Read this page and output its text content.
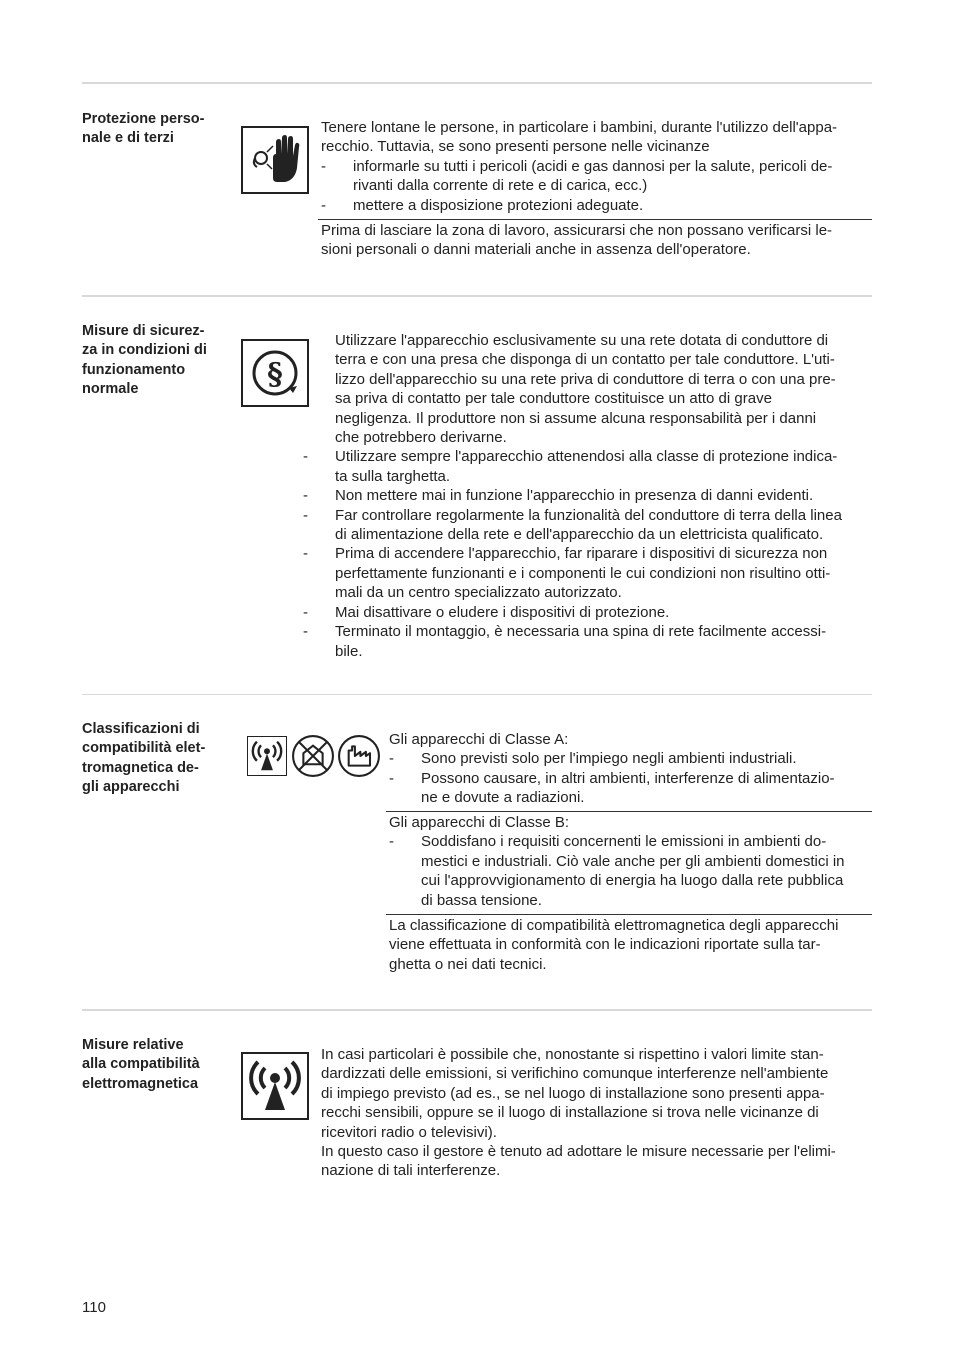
Protezione perso-
nale e di terzi
Tenere lontane le persone, in particolare i bambini, durante l'utilizzo dell'appa-
recchio. Tuttavia, se sono presenti persone nelle vicinanze
- informarle su tutti i pericoli (acidi e gas dannosi per la salute, pericoli de-
rivanti dalla corrente di rete e di carica, ecc.)
- mettere a disposizione protezioni adeguate.
Prima di lasciare la zona di lavoro, assicurarsi che non possano verificarsi le-
sioni personali o danni materiali anche in assenza dell'operatore.
Misure di sicurez-
za in condizioni di
funzionamento
normale	§
Utilizzare l'apparecchio esclusivamente su una rete dotata di conduttore di
terra e con una presa che disponga di un contatto per tale conduttore. L'uti-
lizzo dell'apparecchio su una rete priva di conduttore di terra o con una pre-
sa priva di contatto per tale conduttore costituisce un atto di grave
negligenza. Il produttore non si assume alcuna responsabilità per i danni
che potrebbero derivarne.
- Utilizzare sempre l'apparecchio attenendosi alla classe di protezione indica-
ta sulla targhetta.
- Non mettere mai in funzione l'apparecchio in presenza di danni evidenti.
- Far controllare regolarmente la funzionalità del conduttore di terra della linea
di alimentazione della rete e dell'apparecchio da un elettricista qualificato.
- Prima di accendere l'apparecchio, far riparare i dispositivi di sicurezza non
perfettamente funzionanti e i componenti le cui condizioni non risultino otti-
mali da un centro specializzato autorizzato.
- Mai disattivare o eludere i dispositivi di protezione.
- Terminato il montaggio, è necessaria una spina di rete facilmente accessi-
bile.
Classificazioni di
compatibilità elet-
tromagnetica de-
gli apparecchi
Gli apparecchi di Classe A:
- Sono previsti solo per l'impiego negli ambienti industriali.
- Possono causare, in altri ambienti, interferenze di alimentazio-
ne e dovute a radiazioni.
Gli apparecchi di Classe B:
- Soddisfano i requisiti concernenti le emissioni in ambienti do-
mestici e industriali. Ciò vale anche per gli ambienti domestici in
cui l'approvvigionamento di energia ha luogo dalla rete pubblica
di bassa tensione.
La classificazione di compatibilità elettromagnetica degli apparecchi
viene effettuata in conformità con le indicazioni riportate sulla tar-
ghetta o nei dati tecnici.
Misure relative
alla compatibilità
elettromagnetica
In casi particolari è possibile che, nonostante si rispettino i valori limite stan-
dardizzati delle emissioni, si verifichino comunque interferenze nell'ambiente
di impiego previsto (ad es., se nel luogo di installazione sono presenti appa-
recchi sensibili, oppure se il luogo di installazione si trova nelle vicinanze di
ricevitori radio o televisivi).
In questo caso il gestore è tenuto ad adottare le misure necessarie per l'elimi-
nazione di tali interferenze.
110
